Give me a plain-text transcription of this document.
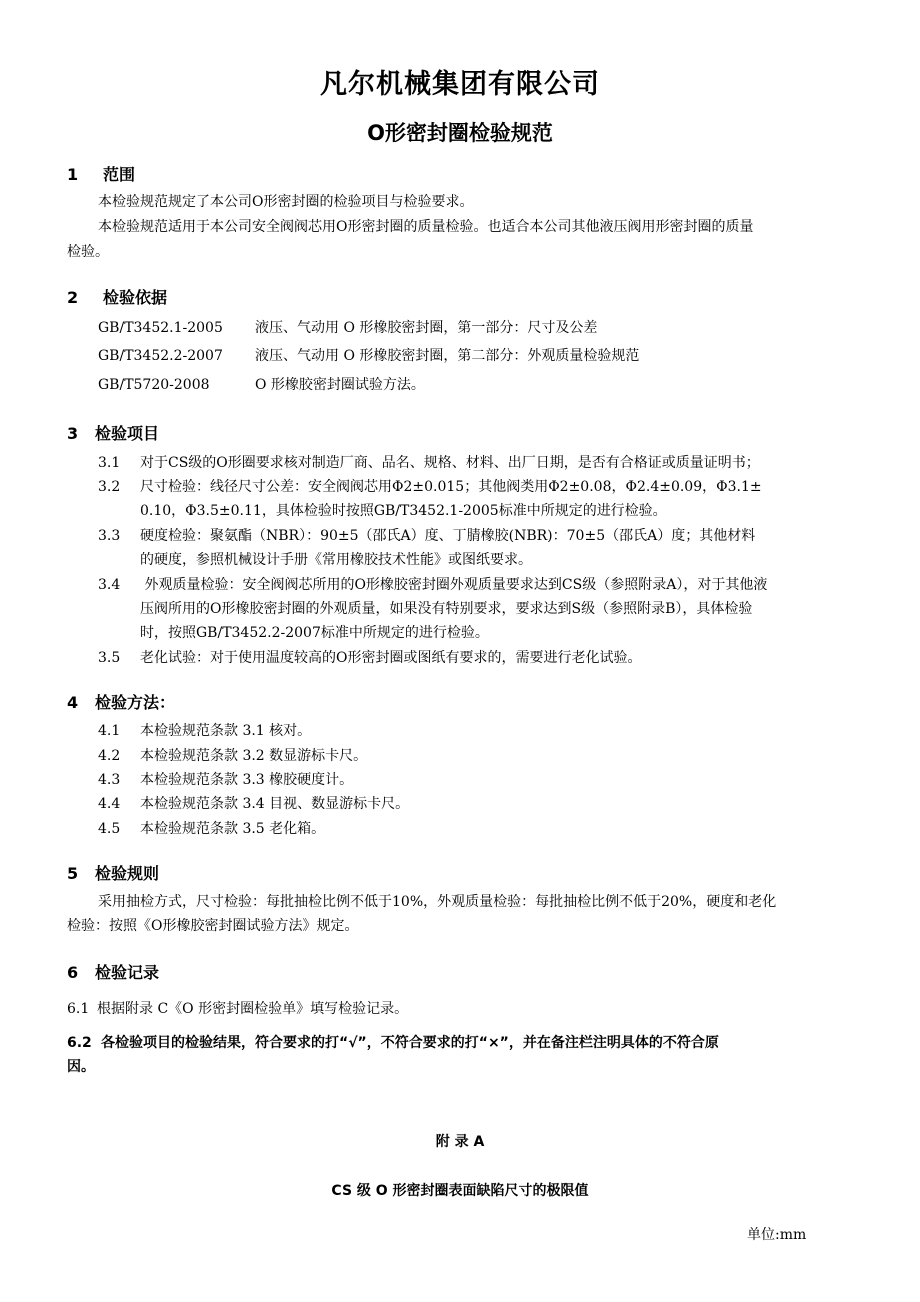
凡尔机械集团有限公司
O形密封圈检验规范
1 范围
本检验规范规定了本公司O形密封圈的检验项目与检验要求。
本检验规范适用于本公司安全阀阀芯用O形密封圈的质量检验。也适合本公司其他液压阀用形密封圈的质量
检验。
2 检验依据
GB/T3452.1-2005 液压、气动用 O 形橡胶密封圈，第一部分：尺寸及公差
GB/T3452.2-2007 液压、气动用 O 形橡胶密封圈，第二部分：外观质量检验规范
GB/T5720-2008	O 形橡胶密封圈试验方法。
3 检验项目
3.1 对于CS级的O形圈要求核对制造厂商、品名、规格、材料、出厂日期，是否有合格证或质量证明书；
3.2 尺寸检验：线径尺寸公差：安全阀阀芯用Φ2±0.015；其他阀类用Φ2±0.08，Φ2.4±0.09，Φ3.1±
0.10，Φ3.5±0.11，具体检验时按照GB/T3452.1-2005标准中所规定的进行检验。
3.3 硬度检验：聚氨酯（NBR）：90±5（邵氏A）度、丁腈橡胶(NBR)：70±5（邵氏A）度；其他材料
的硬度，参照机械设计手册《常用橡胶技术性能》或图纸要求。
3.4 外观质量检验：安全阀阀芯所用的O形橡胶密封圈外观质量要求达到CS级（参照附录A），对于其他液
压阀所用的O形橡胶密封圈的外观质量，如果没有特别要求，要求达到S级（参照附录B），具体检验
时，按照GB/T3452.2-2007标准中所规定的进行检验。
3.5 老化试验：对于使用温度较高的O形密封圈或图纸有要求的，需要进行老化试验。
4 检验方法：
4.1 本检验规范条款 3.1 核对。
4.2 本检验规范条款 3.2 数显游标卡尺。
4.3 本检验规范条款 3.3 橡胶硬度计。
4.4 本检验规范条款 3.4 目视、数显游标卡尺。
4.5 本检验规范条款 3.5 老化箱。
5 检验规则
采用抽检方式，尺寸检验：每批抽检比例不低于10%，外观质量检验：每批抽检比例不低于20%，硬度和老化
检验：按照《O形橡胶密封圈试验方法》规定。
6 检验记录
6.1 根据附录 C《O 形密封圈检验单》填写检验记录。
6.2 各检验项目的检验结果，符合要求的打“√”，不符合要求的打“×”，并在备注栏注明具体的不符合原
因。
附 录 A
CS 级 O 形密封圈表面缺陷尺寸的极限值
单位:mm
